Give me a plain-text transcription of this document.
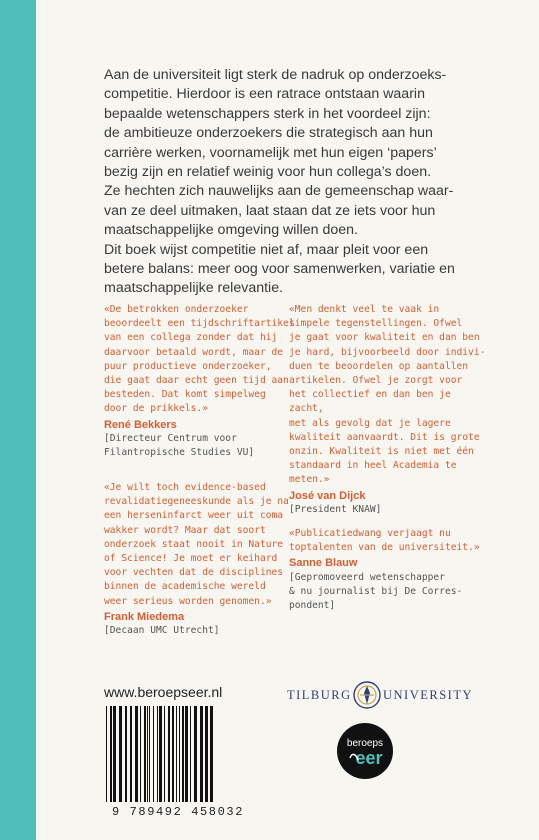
Aan de universiteit ligt sterk de nadruk op onderzoeks-
competitie. Hierdoor is een ratrace ontstaan waarin
bepaalde wetenschappers sterk in het voordeel zijn:
de ambitieuze onderzoekers die strategisch aan hun
carrière werken, voornamelijk met hun eigen ‘papers’
bezig zijn en relatief weinig voor hun collega’s doen.
Ze hechten zich nauwelijks aan de gemeenschap waar-
van ze deel uitmaken, laat staan dat ze iets voor hun
maatschappelijke omgeving willen doen.

Dit boek wijst competitie niet af, maar pleit voor een
betere balans: meer oog voor samenwerken, variatie en
maatschappelijke relevantie.

«De betrokken onderzoeker
beoordeelt een tijdschriftartikel
van een collega zonder dat hij
daarvoor betaald wordt, maar de
puur productieve onderzoeker,
die gaat daar echt geen tijd aan
besteden. Dat komt simpelweg
door de prikkels.»
René Bekkers
[Directeur Centrum voor
Filantropische Studies VU]
«Je wilt toch evidence-based
revalidatiegeneeskunde als je na
een herseninfarct weer uit coma
wakker wordt? Maar dat soort
onderzoek staat nooit in Nature
of Science! Je moet er keihard
voor vechten dat de disciplines
binnen de academische wereld
weer serieus worden genomen.»
Frank Miedema
[Decaan UMC Utrecht]
«Men denkt veel te vaak in
simpele tegenstellingen. Ofwel
je gaat voor kwaliteit en dan ben
je hard, bijvoorbeeld door indivi-
duen te beoordelen op aantallen
artikelen. Ofwel je zorgt voor
het collectief en dan ben je zacht,
met als gevolg dat je lagere
kwaliteit aanvaardt. Dit is grote
onzin. Kwaliteit is niet met één
standaard in heel Academia te
meten.»
José van Dijck
[President KNAW]
«Publicatiedwang verjaagt nu
toptalenten van de universiteit.»
Sanne Blauw
[Gepromoveerd wetenschapper
& nu journalist bij De Corres-
pondent]
www.beroepseer.nl
9 789492 458032
TILBURG	UNIVERSITY
beroeps
eer
